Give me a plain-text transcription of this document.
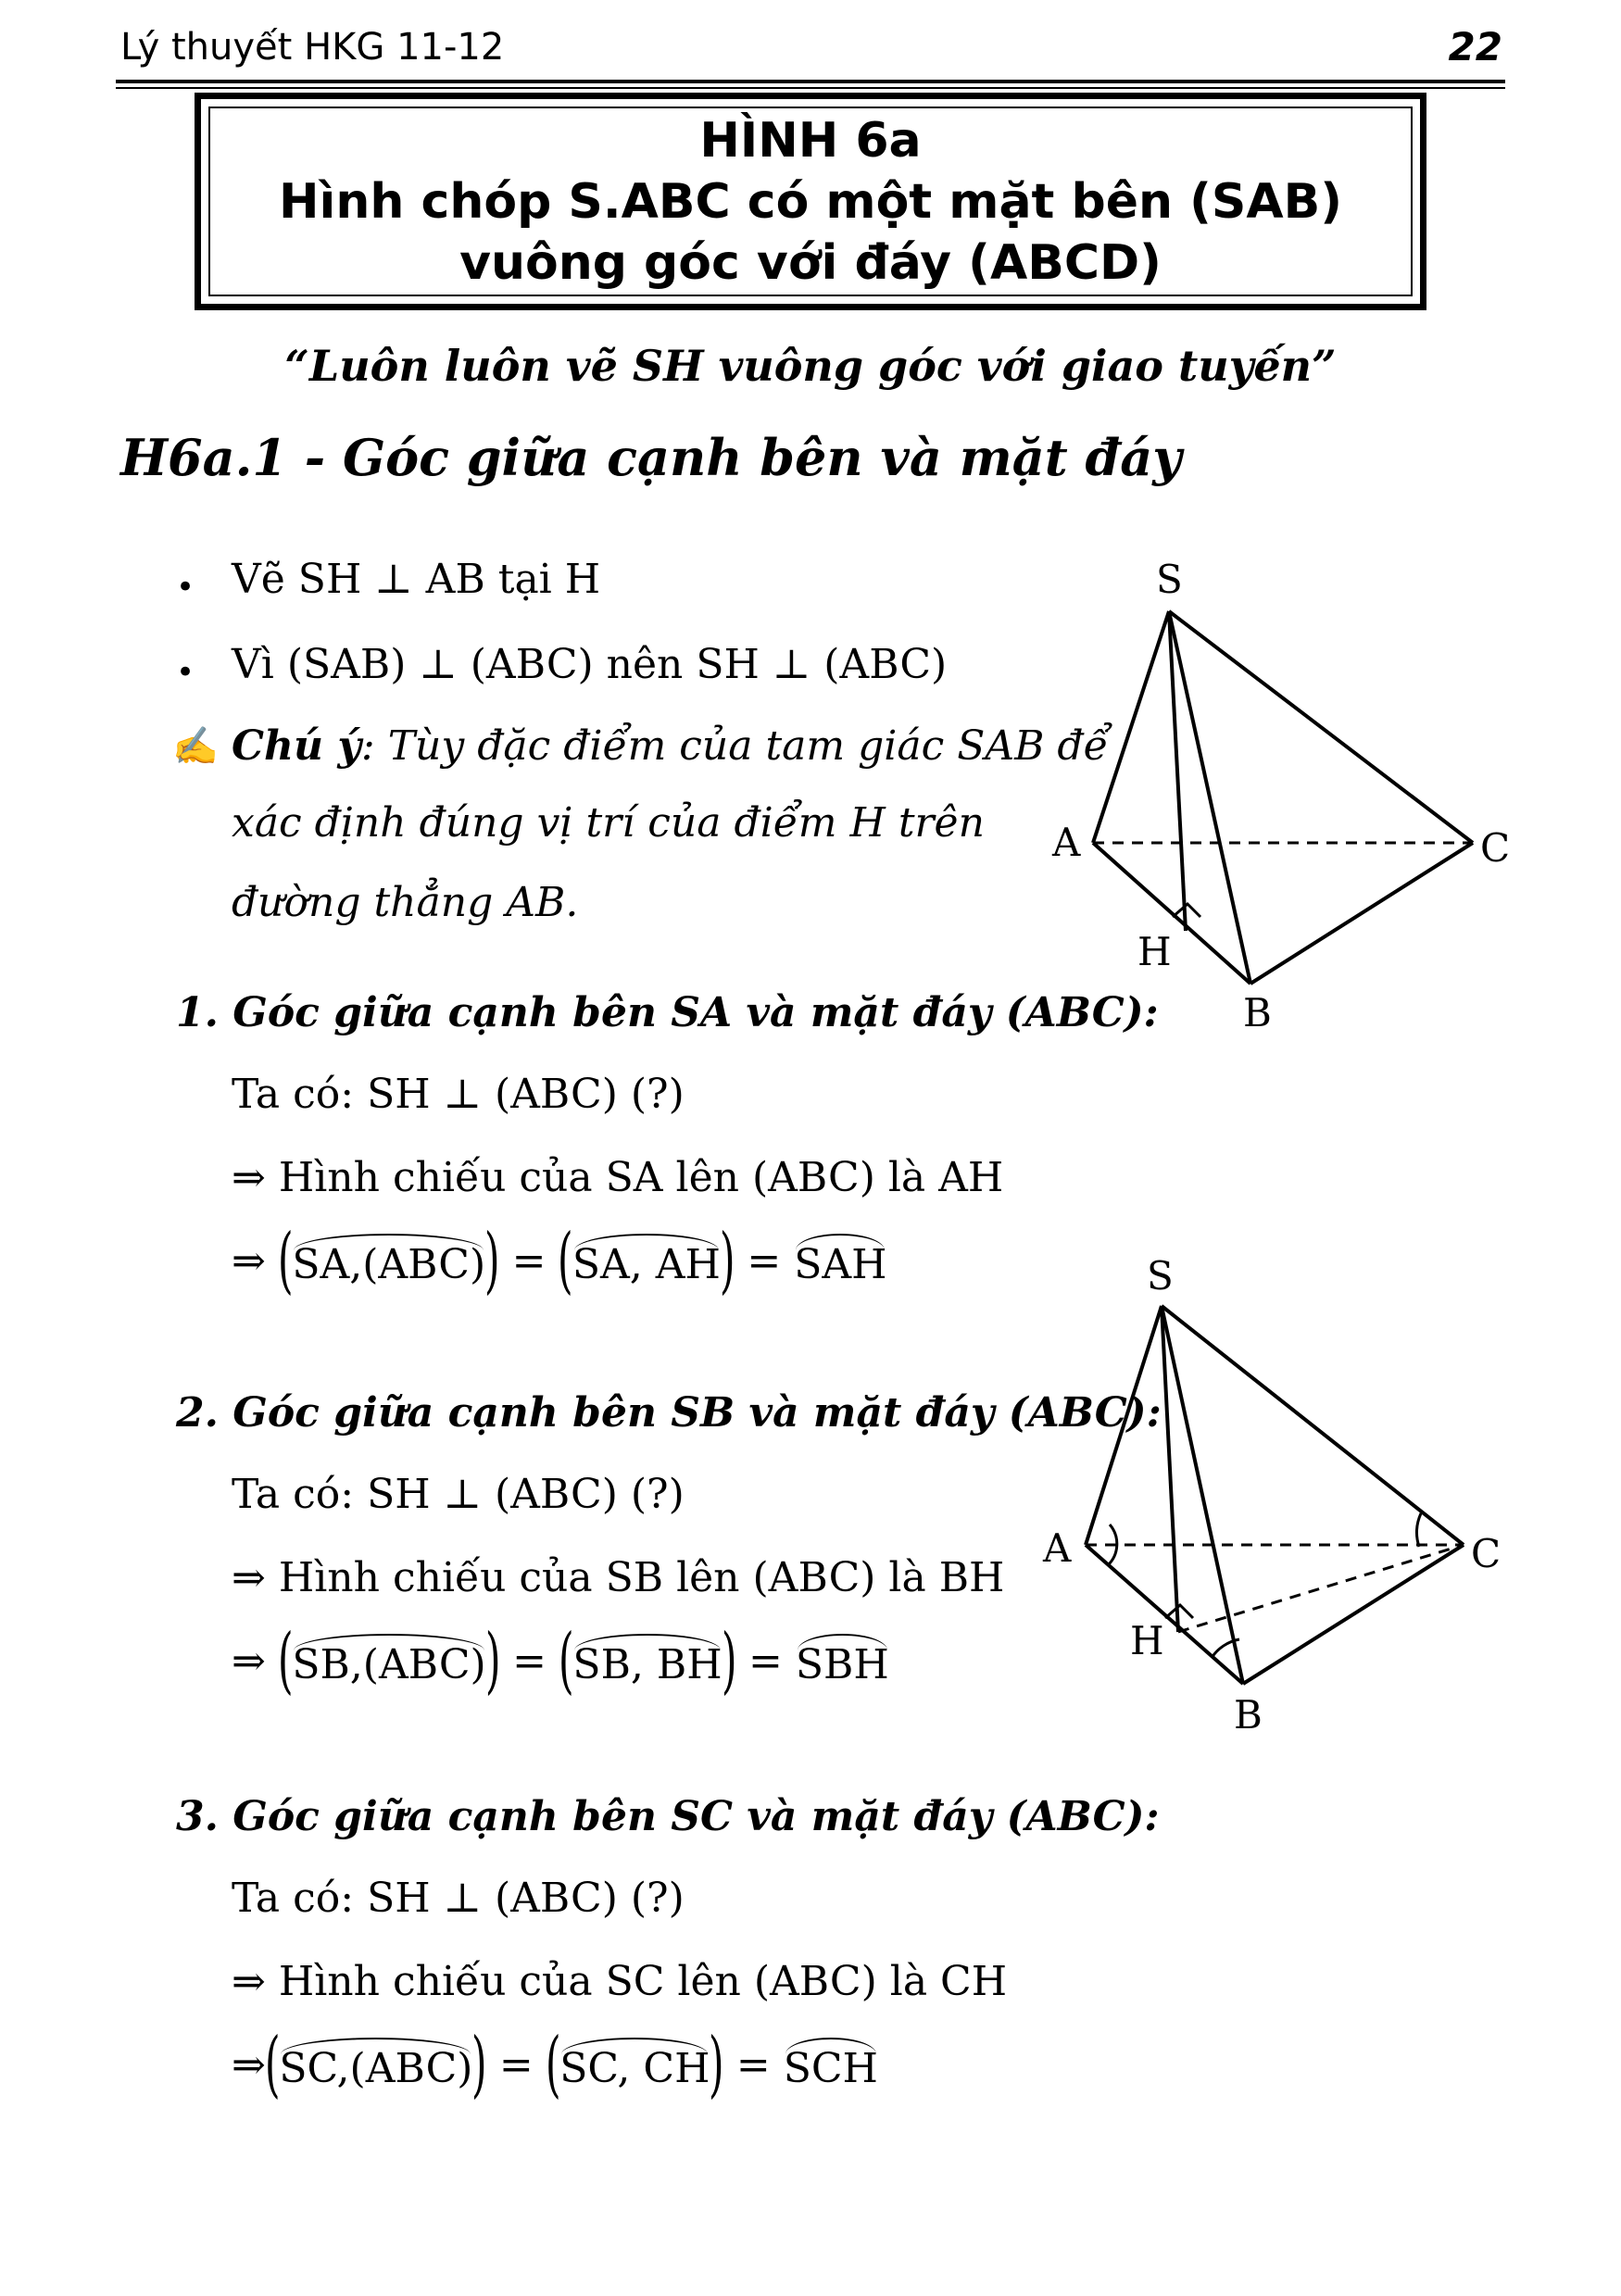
Lý thuyết HKG 11-12	22
HÌNH 6a
Hình chóp S.ABC có một mặt bên (SAB)
vuông góc với đáy (ABCD)
“Luôn luôn vẽ SH vuông góc với giao tuyến”
H6a.1 - Góc giữa cạnh bên và mặt đáy
• Vẽ SH ⊥ AB tại H
• Vì (SAB) ⊥ (ABC) nên SH ⊥ (ABC)
✍ Chú ý: Tùy đặc điểm của tam giác SAB để
xác định đúng vị trí của điểm H trên
đường thẳng AB.
1. Góc giữa cạnh bên SA và mặt đáy (ABC):
Ta có: SH ⊥ (ABC) (?)
⇒ Hình chiếu của SA lên (ABC) là AH
⇒
(
SA,(ABC)
)
=
(
SA, AH
)
= SAH
2. Góc giữa cạnh bên SB và mặt đáy (ABC):
Ta có: SH ⊥ (ABC) (?)
⇒ Hình chiếu của SB lên (ABC) là BH
⇒
(
SB,(ABC)
)
=
(
SB, BH
)
= SBH
3. Góc giữa cạnh bên SC và mặt đáy (ABC):
Ta có: SH ⊥ (ABC) (?)
⇒ Hình chiếu của SC lên (ABC) là CH
⇒
(
SC,(ABC)
)
=
(
SC, CH
)
= SCH
S
A	C
H
B
S
A	C
H
B
